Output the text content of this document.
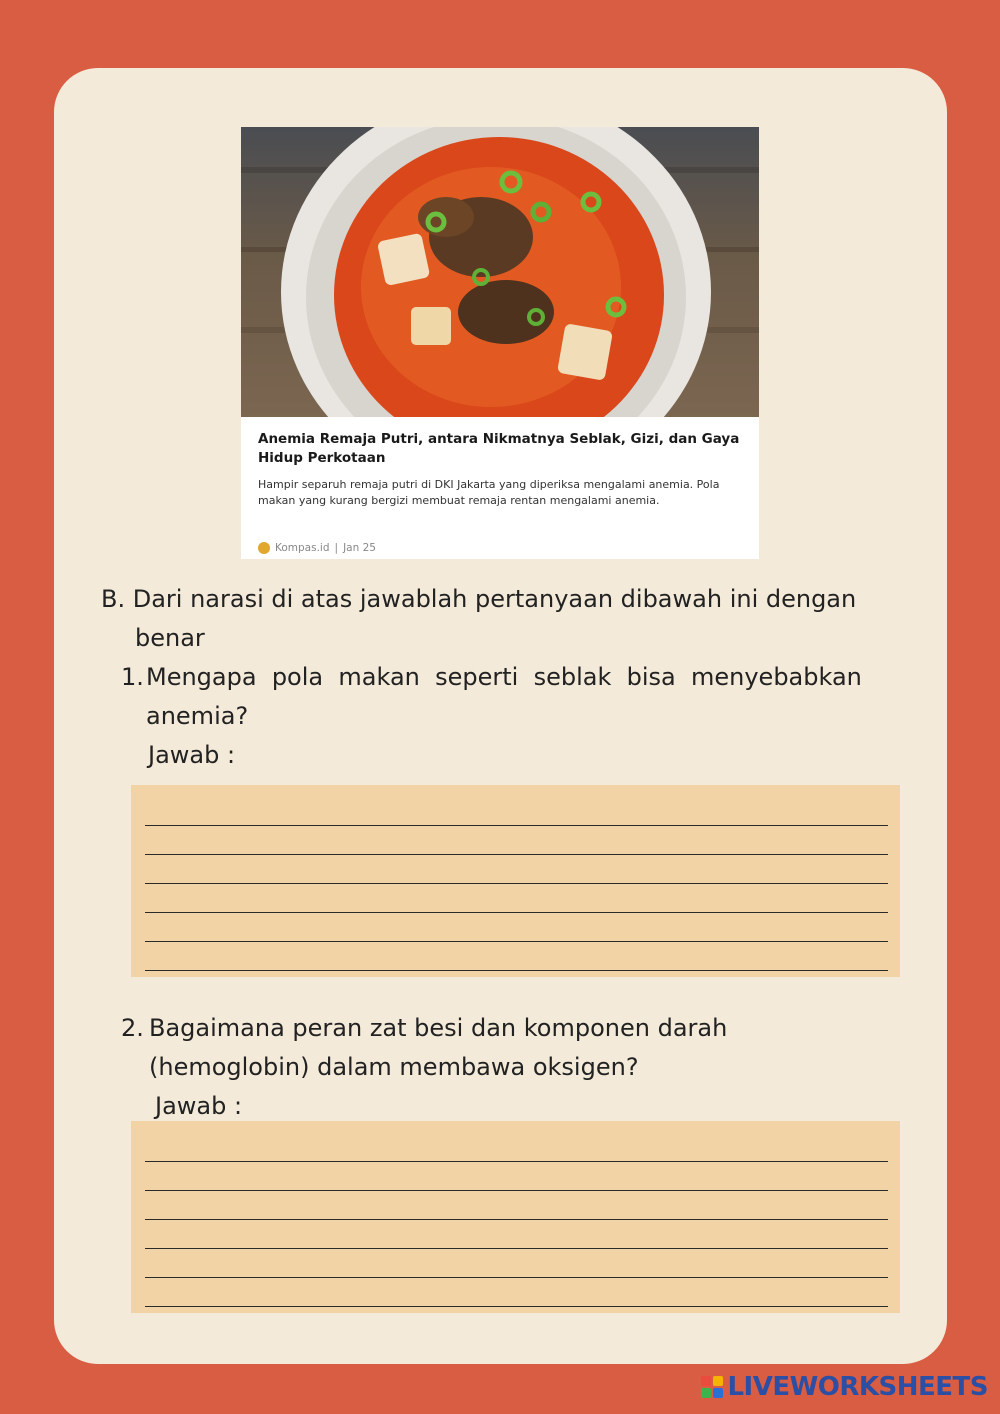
Anemia Remaja Putri, antara Nikmatnya Seblak, Gizi, dan Gaya Hidup Perkotaan
Hampir separuh remaja putri di DKI Jakarta yang diperiksa mengalami anemia. Pola makan yang kurang bergizi membuat remaja rentan mengalami anemia.
Kompas.id | Jan 25
B. Dari narasi di atas jawablah pertanyaan dibawah ini dengan
benar
1. Mengapa  pola  makan  seperti  seblak  bisa  menyebabkan
anemia?
Jawab :
2. Bagaimana peran zat besi dan komponen darah
(hemoglobin) dalam membawa oksigen?
Jawab :
LIVEWORKSHEETS
